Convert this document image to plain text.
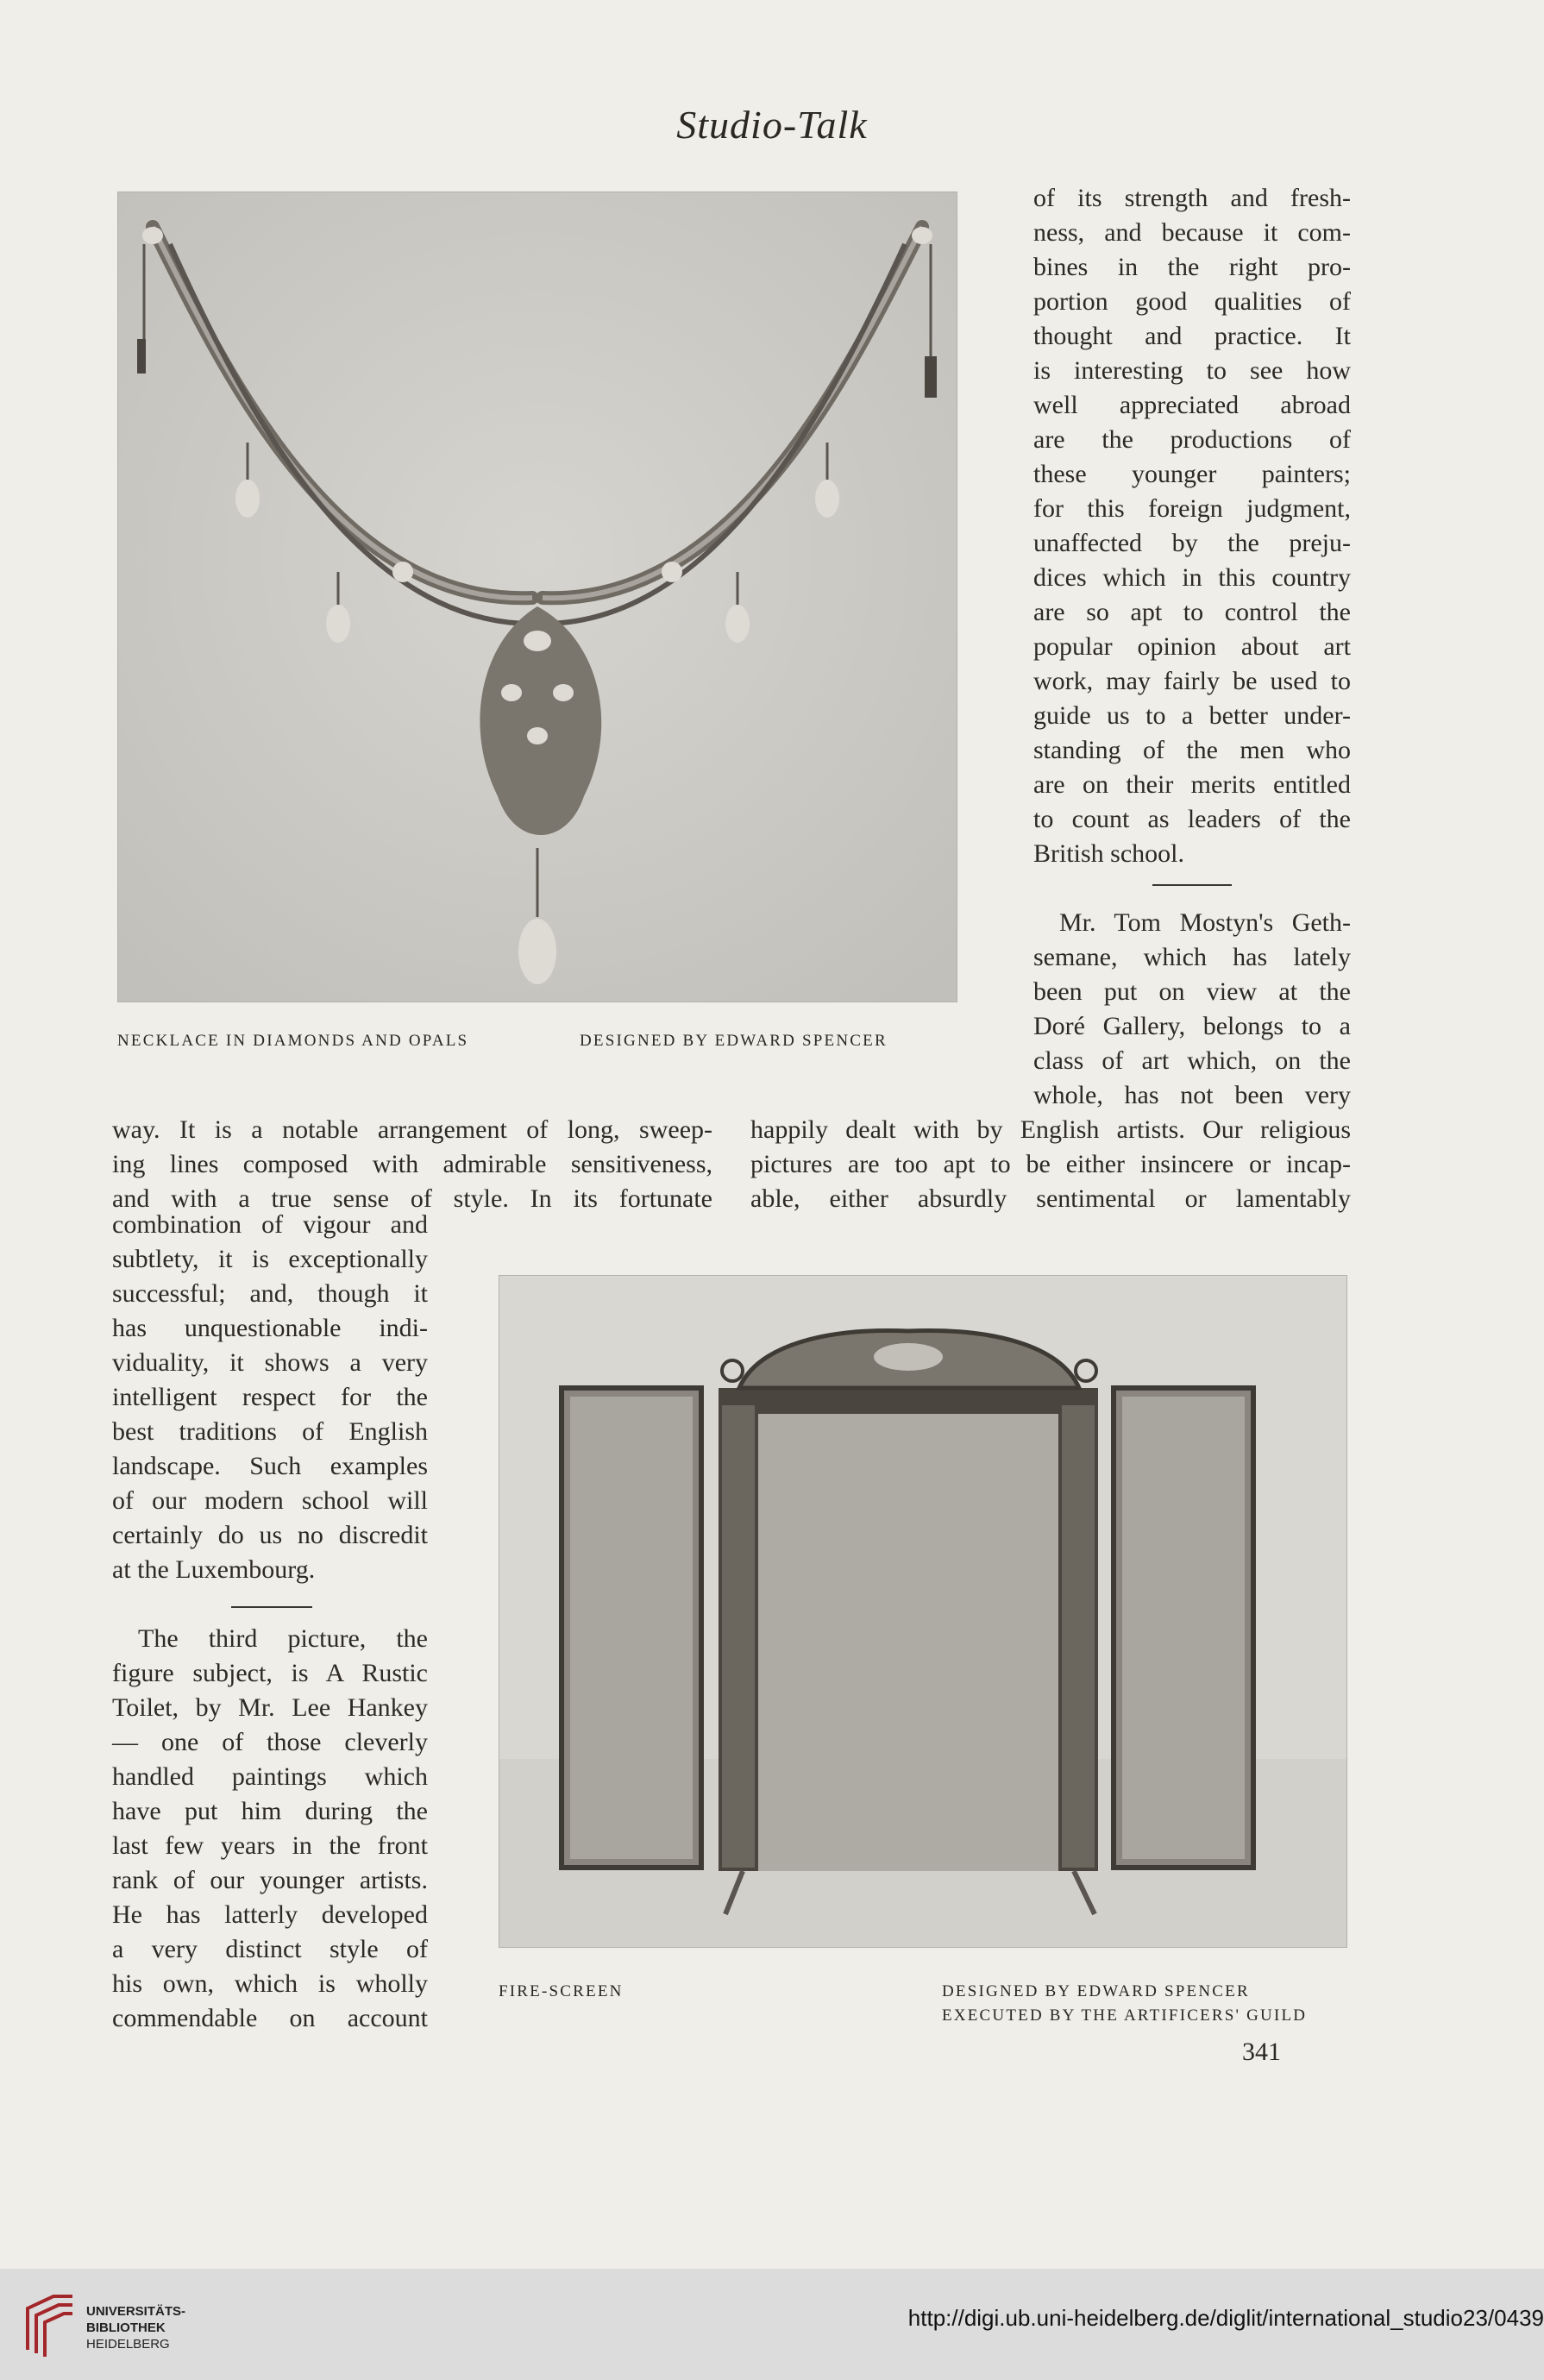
Studio-Talk
NECKLACE IN DIAMONDS AND OPALS	DESIGNED BY EDWARD SPENCER
of its strength and fresh-
ness, and because it com-
bines in the right pro-
portion good qualities of
thought and practice. It
is interesting to see how
well appreciated abroad
are the productions of
these younger painters;
for this foreign judgment,
unaffected by the preju-
dices which in this country
are so apt to control the
popular opinion about art
work, may fairly be used to
guide us to a better under-
standing of the men who
are on their merits entitled
to count as leaders of the
British school.
Mr. Tom Mostyn's Geth-
semane, which has lately
been put on view at the
Doré Gallery, belongs to a
class of art which, on the
whole, has not been very
way. It is a notable arrangement of long, sweep-
ing lines composed with admirable sensitiveness,
and with a true sense of style. In its fortunate
happily dealt with by English artists. Our religious
pictures are too apt to be either insincere or incap-
able, either absurdly sentimental or lamentably
combination of vigour and
subtlety, it is exceptionally
successful; and, though it
has unquestionable indi-
viduality, it shows a very
intelligent respect for the
best traditions of English
landscape. Such examples
of our modern school will
certainly do us no discredit
at the Luxembourg.
The third picture, the
figure subject, is A Rustic
Toilet, by Mr. Lee Hankey
— one of those cleverly
handled paintings which
have put him during the
last few years in the front
rank of our younger artists.
He has latterly developed
a very distinct style of
his own, which is wholly
commendable on account
FIRE-SCREEN	DESIGNED BY EDWARD SPENCER
EXECUTED BY THE ARTIFICERS' GUILD
341
UNIVERSITÄTS-
BIBLIOTHEK
HEIDELBERG
http://digi.ub.uni-heidelberg.de/diglit/international_studio23/0439
